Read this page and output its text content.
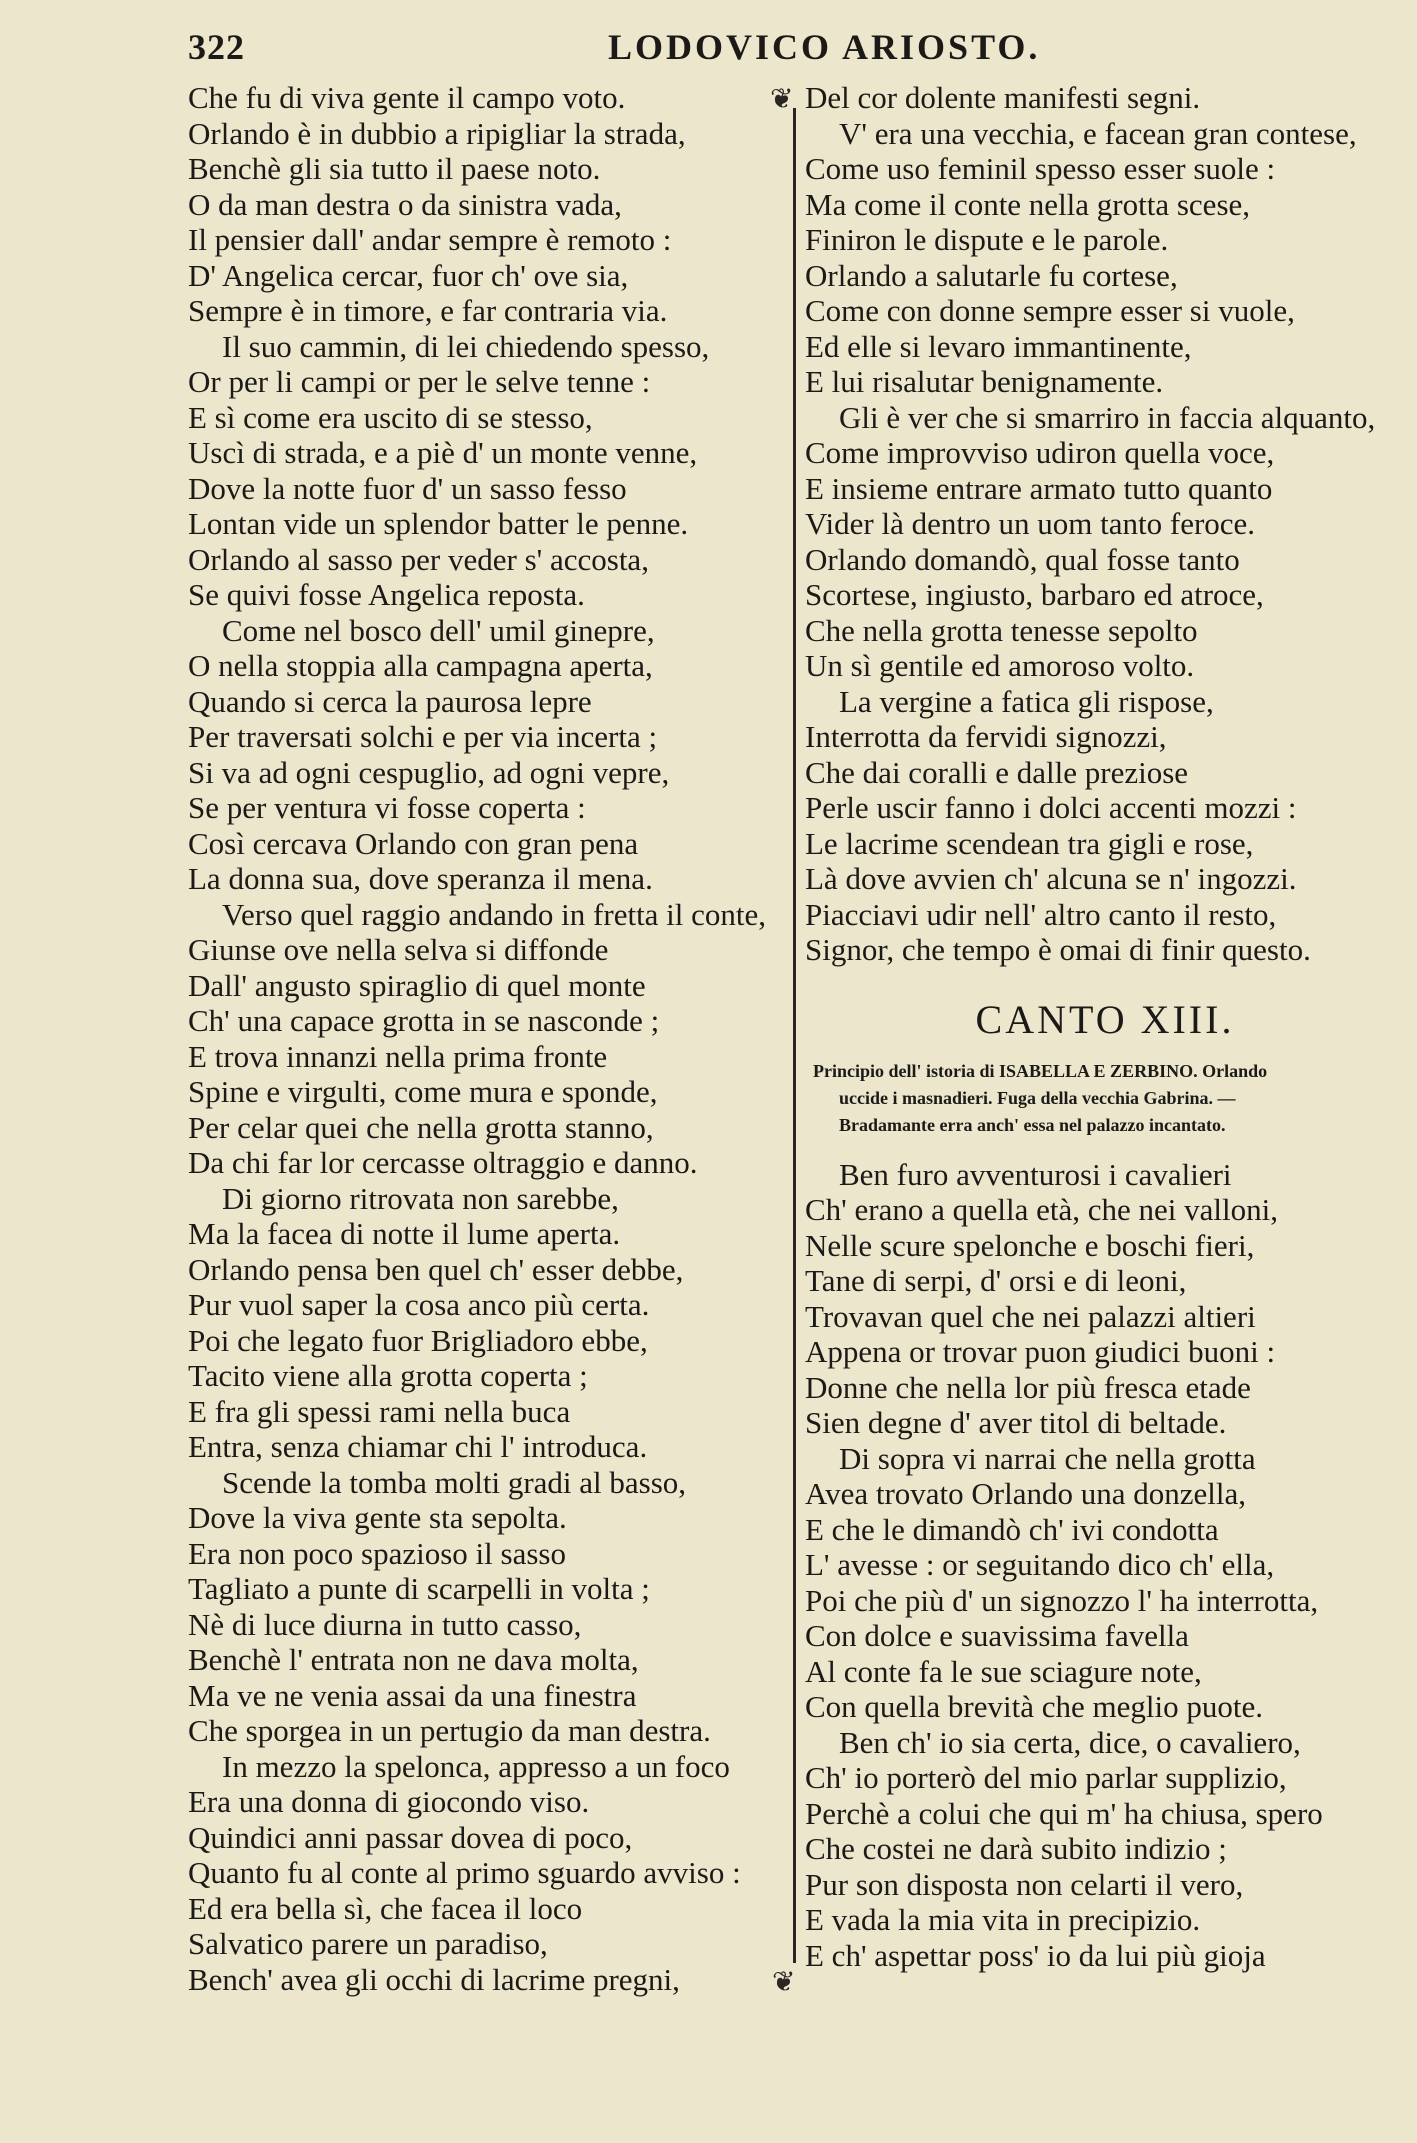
322	LODOVICO ARIOSTO.
❦
❦
Che fu di viva gente il campo voto.
Orlando è in dubbio a ripigliar la strada,
Benchè gli sia tutto il paese noto.
O da man destra o da sinistra vada,
Il pensier dall' andar sempre è remoto :
D' Angelica cercar, fuor ch' ove sia,
Sempre è in timore, e far contraria via.
Il suo cammin, di lei chiedendo spesso,
Or per li campi or per le selve tenne :
E sì come era uscito di se stesso,
Uscì di strada, e a piè d' un monte venne,
Dove la notte fuor d' un sasso fesso
Lontan vide un splendor batter le penne.
Orlando al sasso per veder s' accosta,
Se quivi fosse Angelica reposta.
Come nel bosco dell' umil ginepre,
O nella stoppia alla campagna aperta,
Quando si cerca la paurosa lepre
Per traversati solchi e per via incerta ;
Si va ad ogni cespuglio, ad ogni vepre,
Se per ventura vi fosse coperta :
Così cercava Orlando con gran pena
La donna sua, dove speranza il mena.
Verso quel raggio andando in fretta il conte,
Giunse ove nella selva si diffonde
Dall' angusto spiraglio di quel monte
Ch' una capace grotta in se nasconde ;
E trova innanzi nella prima fronte
Spine e virgulti, come mura e sponde,
Per celar quei che nella grotta stanno,
Da chi far lor cercasse oltraggio e danno.
Di giorno ritrovata non sarebbe,
Ma la facea di notte il lume aperta.
Orlando pensa ben quel ch' esser debbe,
Pur vuol saper la cosa anco più certa.
Poi che legato fuor Brigliadoro ebbe,
Tacito viene alla grotta coperta ;
E fra gli spessi rami nella buca
Entra, senza chiamar chi l' introduca.
Scende la tomba molti gradi al basso,
Dove la viva gente sta sepolta.
Era non poco spazioso il sasso
Tagliato a punte di scarpelli in volta ;
Nè di luce diurna in tutto casso,
Benchè l' entrata non ne dava molta,
Ma ve ne venia assai da una finestra
Che sporgea in un pertugio da man destra.
In mezzo la spelonca, appresso a un foco
Era una donna di giocondo viso.
Quindici anni passar dovea di poco,
Quanto fu al conte al primo sguardo avviso :
Ed era bella sì, che facea il loco
Salvatico parere un paradiso,
Bench' avea gli occhi di lacrime pregni,
Del cor dolente manifesti segni.
V' era una vecchia, e facean gran contese,
Come uso feminil spesso esser suole :
Ma come il conte nella grotta scese,
Finiron le dispute e le parole.
Orlando a salutarle fu cortese,
Come con donne sempre esser si vuole,
Ed elle si levaro immantinente,
E lui risalutar benignamente.
Gli è ver che si smarriro in faccia alquanto,
Come improvviso udiron quella voce,
E insieme entrare armato tutto quanto
Vider là dentro un uom tanto feroce.
Orlando domandò, qual fosse tanto
Scortese, ingiusto, barbaro ed atroce,
Che nella grotta tenesse sepolto
Un sì gentile ed amoroso volto.
La vergine a fatica gli rispose,
Interrotta da fervidi signozzi,
Che dai coralli e dalle preziose
Perle uscir fanno i dolci accenti mozzi :
Le lacrime scendean tra gigli e rose,
Là dove avvien ch' alcuna se n' ingozzi.
Piacciavi udir nell' altro canto il resto,
Signor, che tempo è omai di finir questo.
CANTO XIII.
Principio dell' istoria di ISABELLA E ZERBINO. Orlando
uccide i masnadieri. Fuga della vecchia Gabrina. —
Bradamante erra anch' essa nel palazzo incantato.
Ben furo avventurosi i cavalieri
Ch' erano a quella età, che nei valloni,
Nelle scure spelonche e boschi fieri,
Tane di serpi, d' orsi e di leoni,
Trovavan quel che nei palazzi altieri
Appena or trovar puon giudici buoni :
Donne che nella lor più fresca etade
Sien degne d' aver titol di beltade.
Di sopra vi narrai che nella grotta
Avea trovato Orlando una donzella,
E che le dimandò ch' ivi condotta
L' avesse : or seguitando dico ch' ella,
Poi che più d' un signozzo l' ha interrotta,
Con dolce e suavissima favella
Al conte fa le sue sciagure note,
Con quella brevità che meglio puote.
Ben ch' io sia certa, dice, o cavaliero,
Ch' io porterò del mio parlar supplizio,
Perchè a colui che qui m' ha chiusa, spero
Che costei ne darà subito indizio ;
Pur son disposta non celarti il vero,
E vada la mia vita in precipizio.
E ch' aspettar poss' io da lui più gioja
